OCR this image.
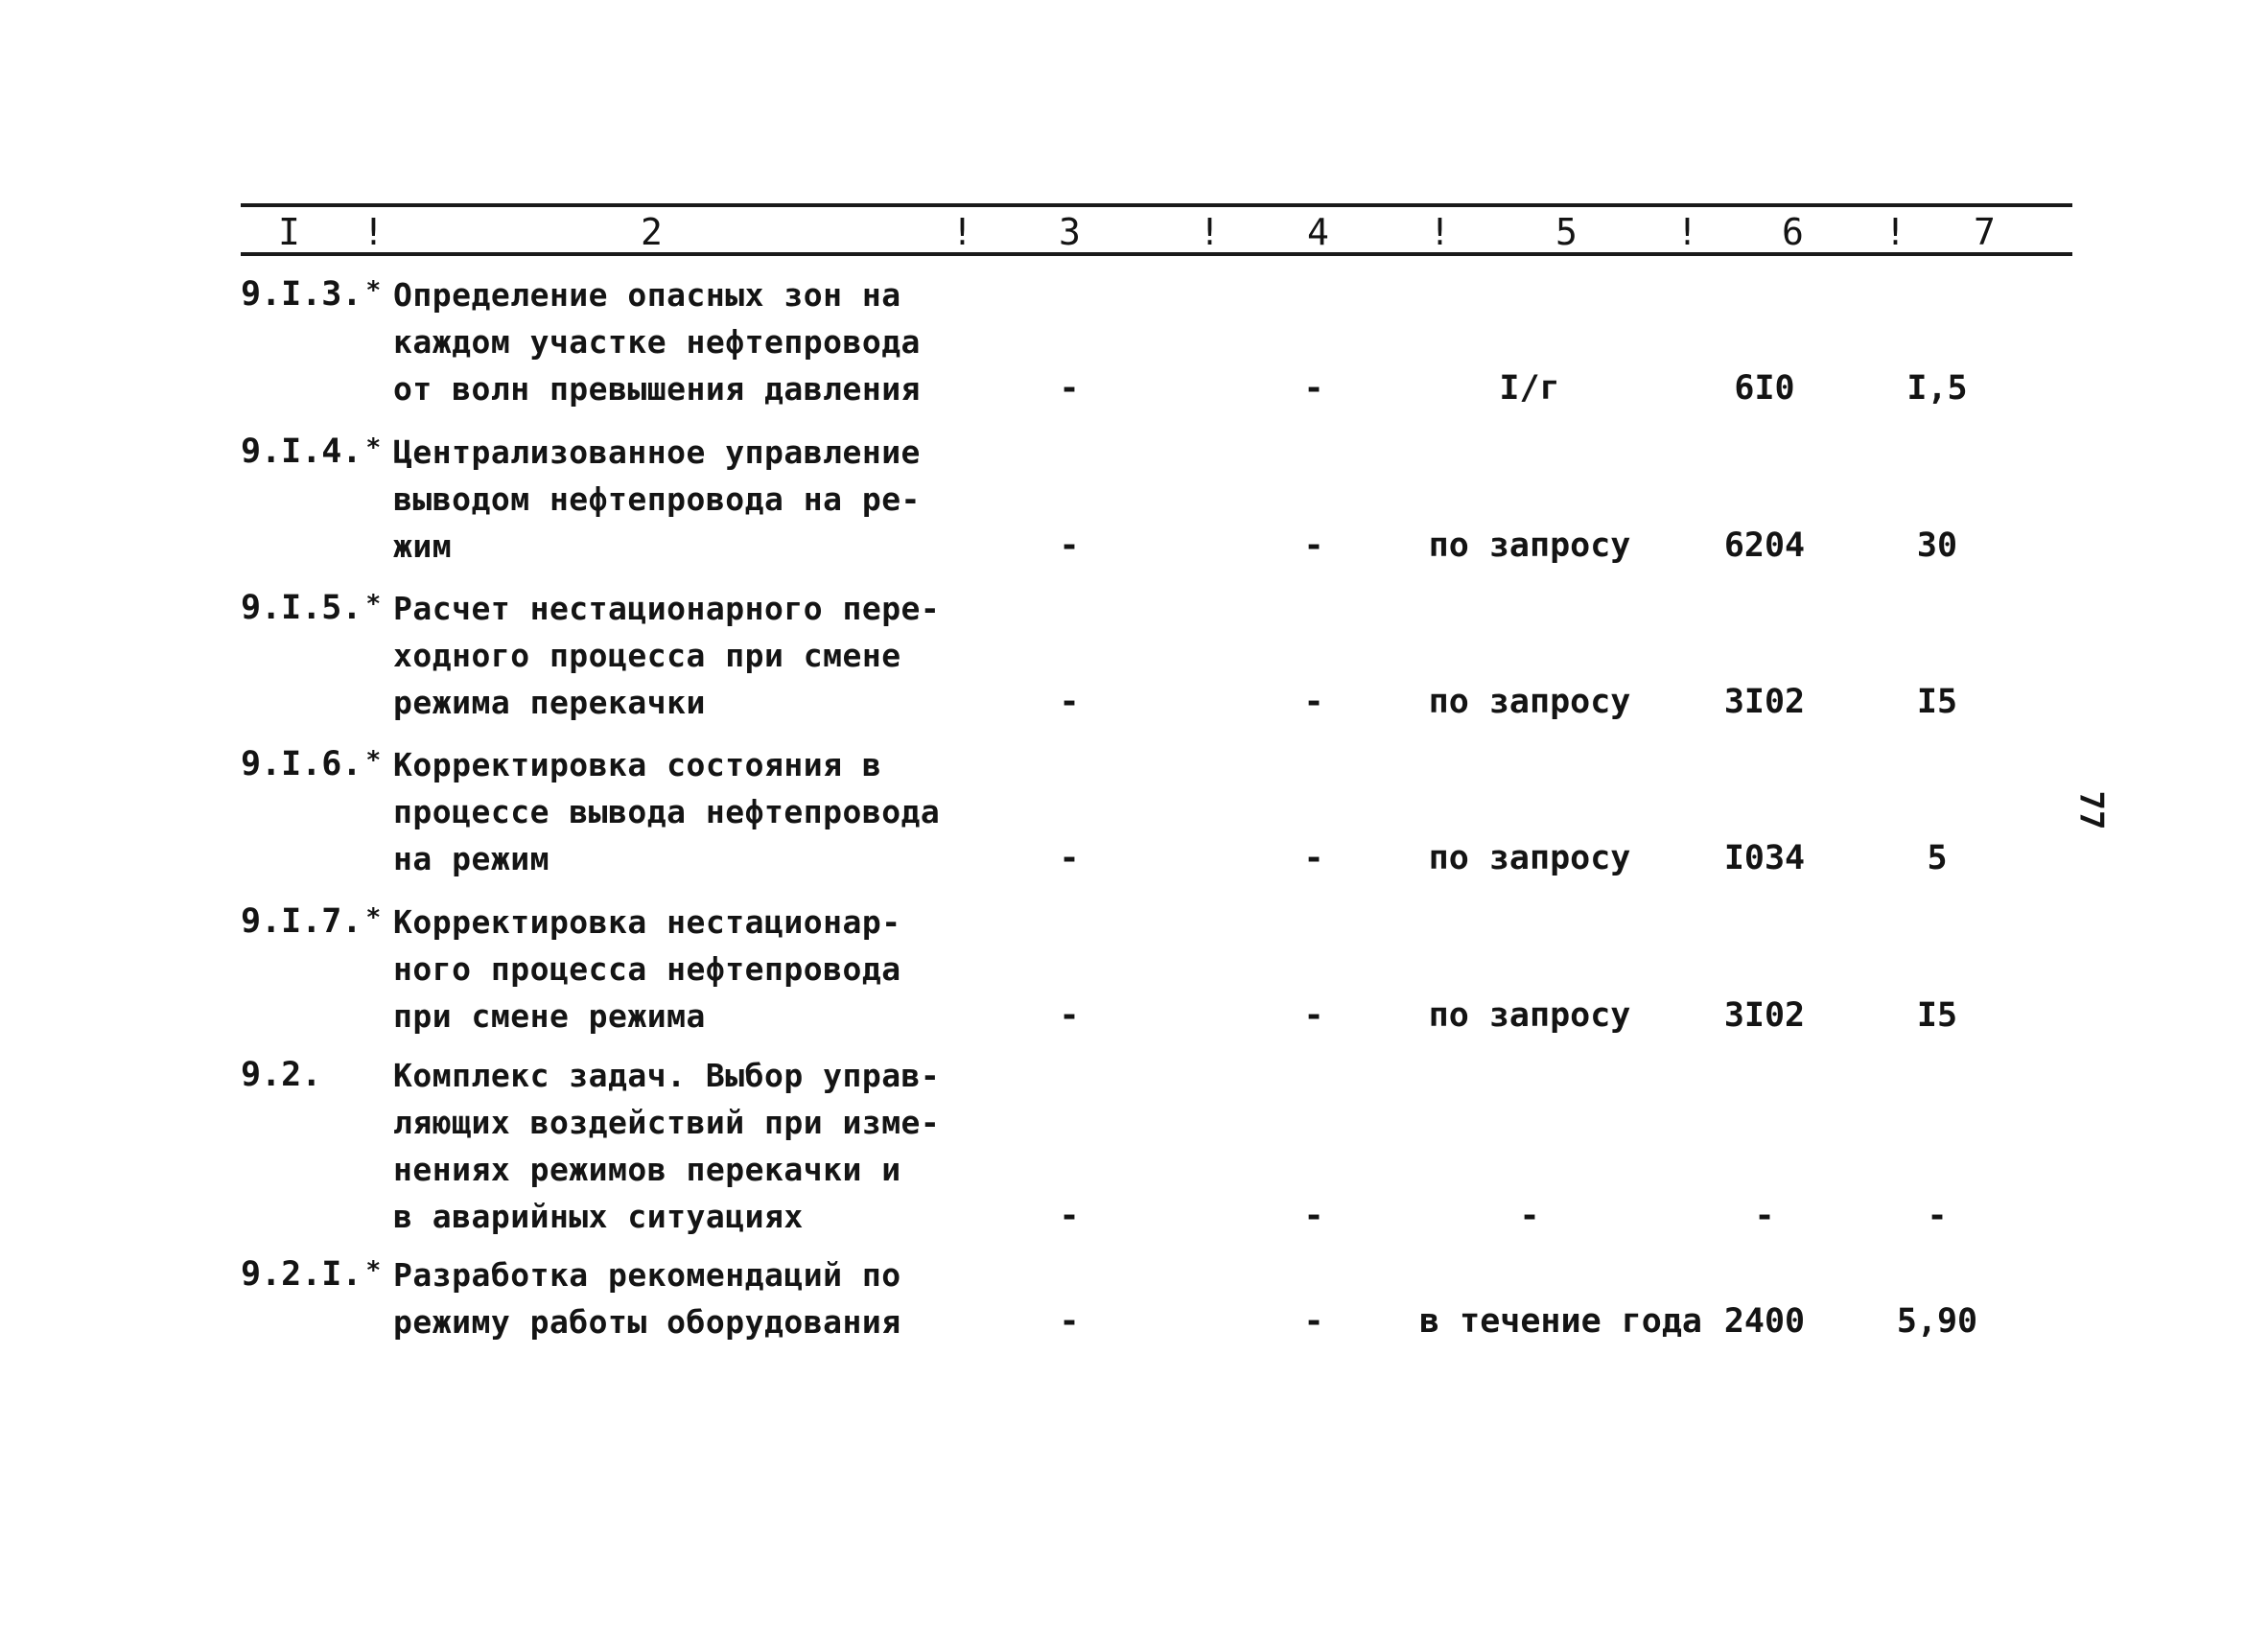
I !	2	! 3	! 4	!	5	! 6 ! 7
9.I.3. * Определение опасных зон на
каждом участке нефтепровода
от волн превышения давления	-	-	I/г	6I0	I,5
9.I.4. * Централизованное управление
выводом нефтепровода на ре-
жим	-	-	по запросу	6204	30
9.I.5. * Расчет нестационарного пере-
ходного процесса при смене
режима перекачки	-	-	по запросу	3I02	I5
9.I.6. * Корректировка состояния в
процессе вывода нефтепровода
на режим	-	-	по запросу	I034	5
9.I.7. * Корректировка нестационар-
ного процесса нефтепровода
при смене режима	-	-	по запросу	3I02	I5
9.2. Комплекс задач. Выбор управ-
ляющих воздействий при изме-
нениях режимов перекачки и
в аварийных ситуациях	-	-	-	-	-
9.2.I. * Разработка рекомендаций по
режиму работы оборудования	-	-	в течение года 2400	5,90
77
